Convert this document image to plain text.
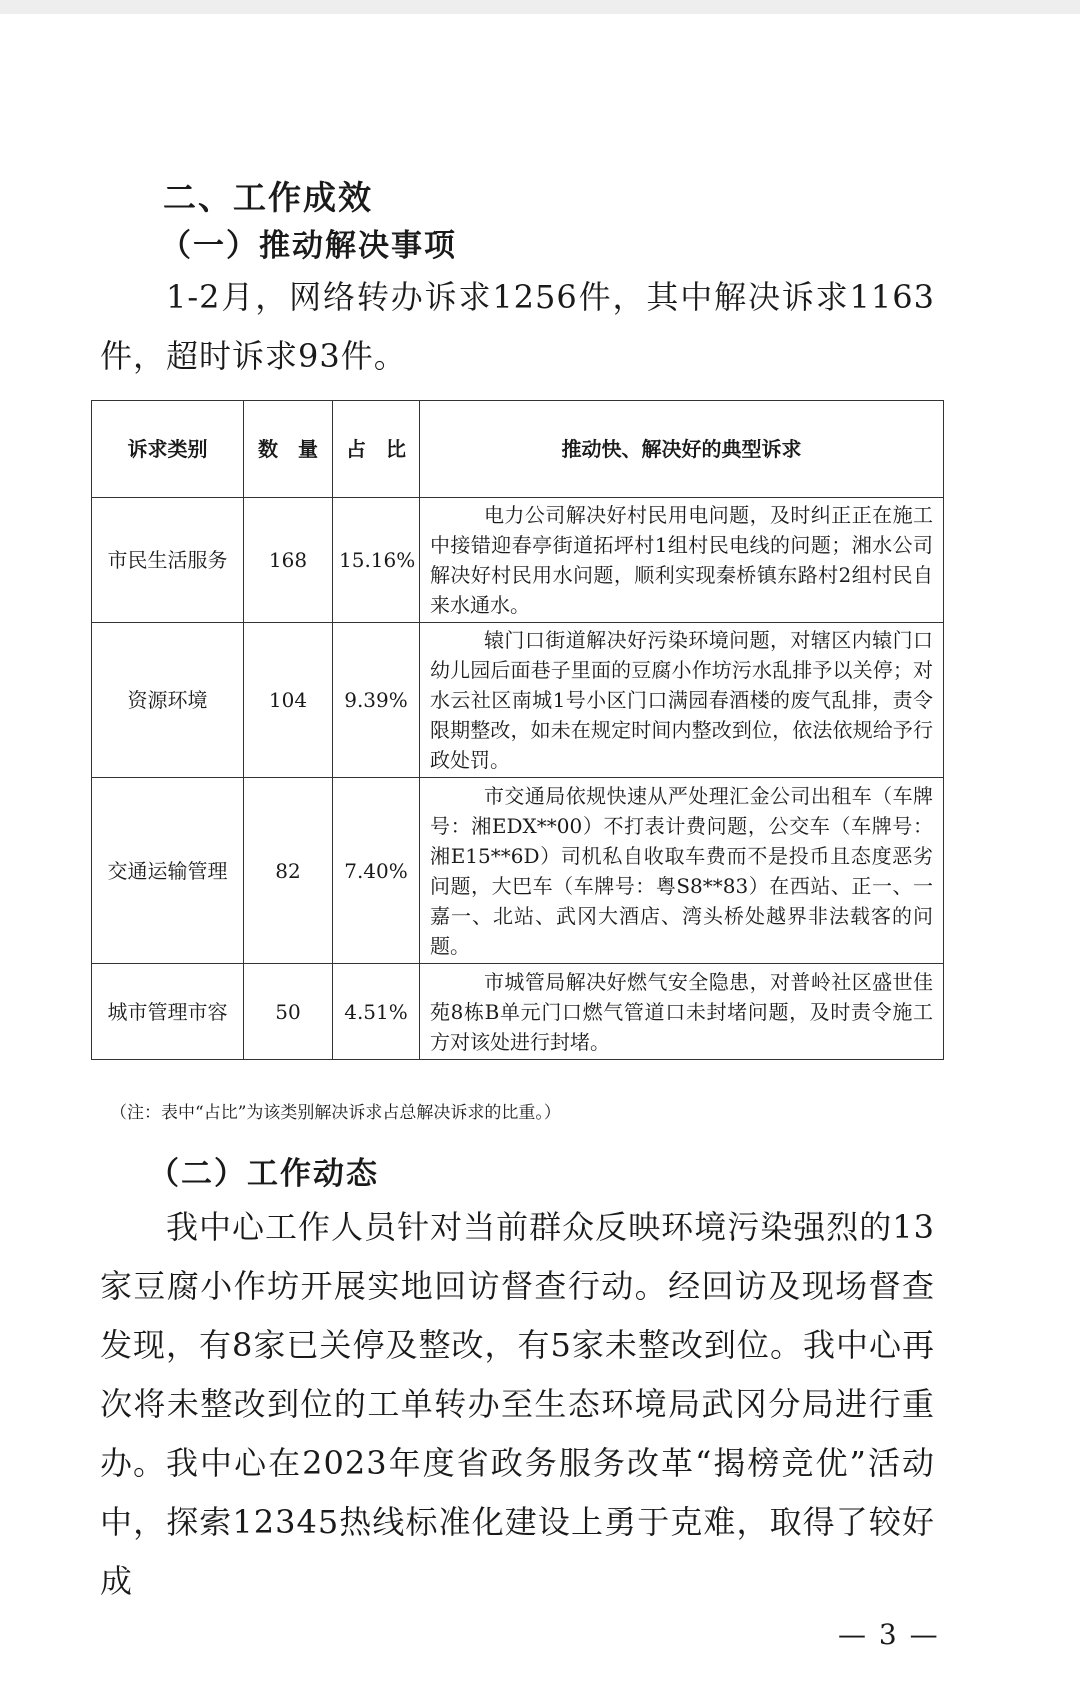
二、工作成效
（一）推动解决事项

1-2月，网络转办诉求1256件，其中解决诉求1163件，超时诉求93件。

诉求类别	数　量	占　比	推动快、解决好的典型诉求
市民生活服务	168	15.16%	电力公司解决好村民用电问题，及时纠正正在施工中接错迎春亭街道拓坪村1组村民电线的问题；湘水公司解决好村民用水问题，顺利实现秦桥镇东路村2组村民自来水通水。
资源环境	104	9.39%	辕门口街道解决好污染环境问题，对辖区内辕门口幼儿园后面巷子里面的豆腐小作坊污水乱排予以关停；对水云社区南城1号小区门口满园春酒楼的废气乱排，责令限期整改，如未在规定时间内整改到位，依法依规给予行政处罚。
交通运输管理	82	7.40%	市交通局依规快速从严处理汇金公司出租车（车牌号：湘EDX**00）不打表计费问题，公交车（车牌号：湘E15**6D）司机私自收取车费而不是投币且态度恶劣问题，大巴车（车牌号：粤S8**83）在西站、正一、一嘉一、北站、武冈大酒店、湾头桥处越界非法载客的问题。
城市管理市容	50	4.51%	市城管局解决好燃气安全隐患，对普岭社区盛世佳苑8栋B单元门口燃气管道口未封堵问题，及时责令施工方对该处进行封堵。
（注：表中“占比”为该类别解决诉求占总解决诉求的比重。）
（二）工作动态

我中心工作人员针对当前群众反映环境污染强烈的13家豆腐小作坊开展实地回访督查行动。经回访及现场督查发现，有8家已关停及整改，有5家未整改到位。我中心再次将未整改到位的工单转办至生态环境局武冈分局进行重办。 我中心在2023年度省政务服务改革“揭榜竞优”活动中，探索12345热线标准化建设上勇于克难，取得了较好成

— 3 —
